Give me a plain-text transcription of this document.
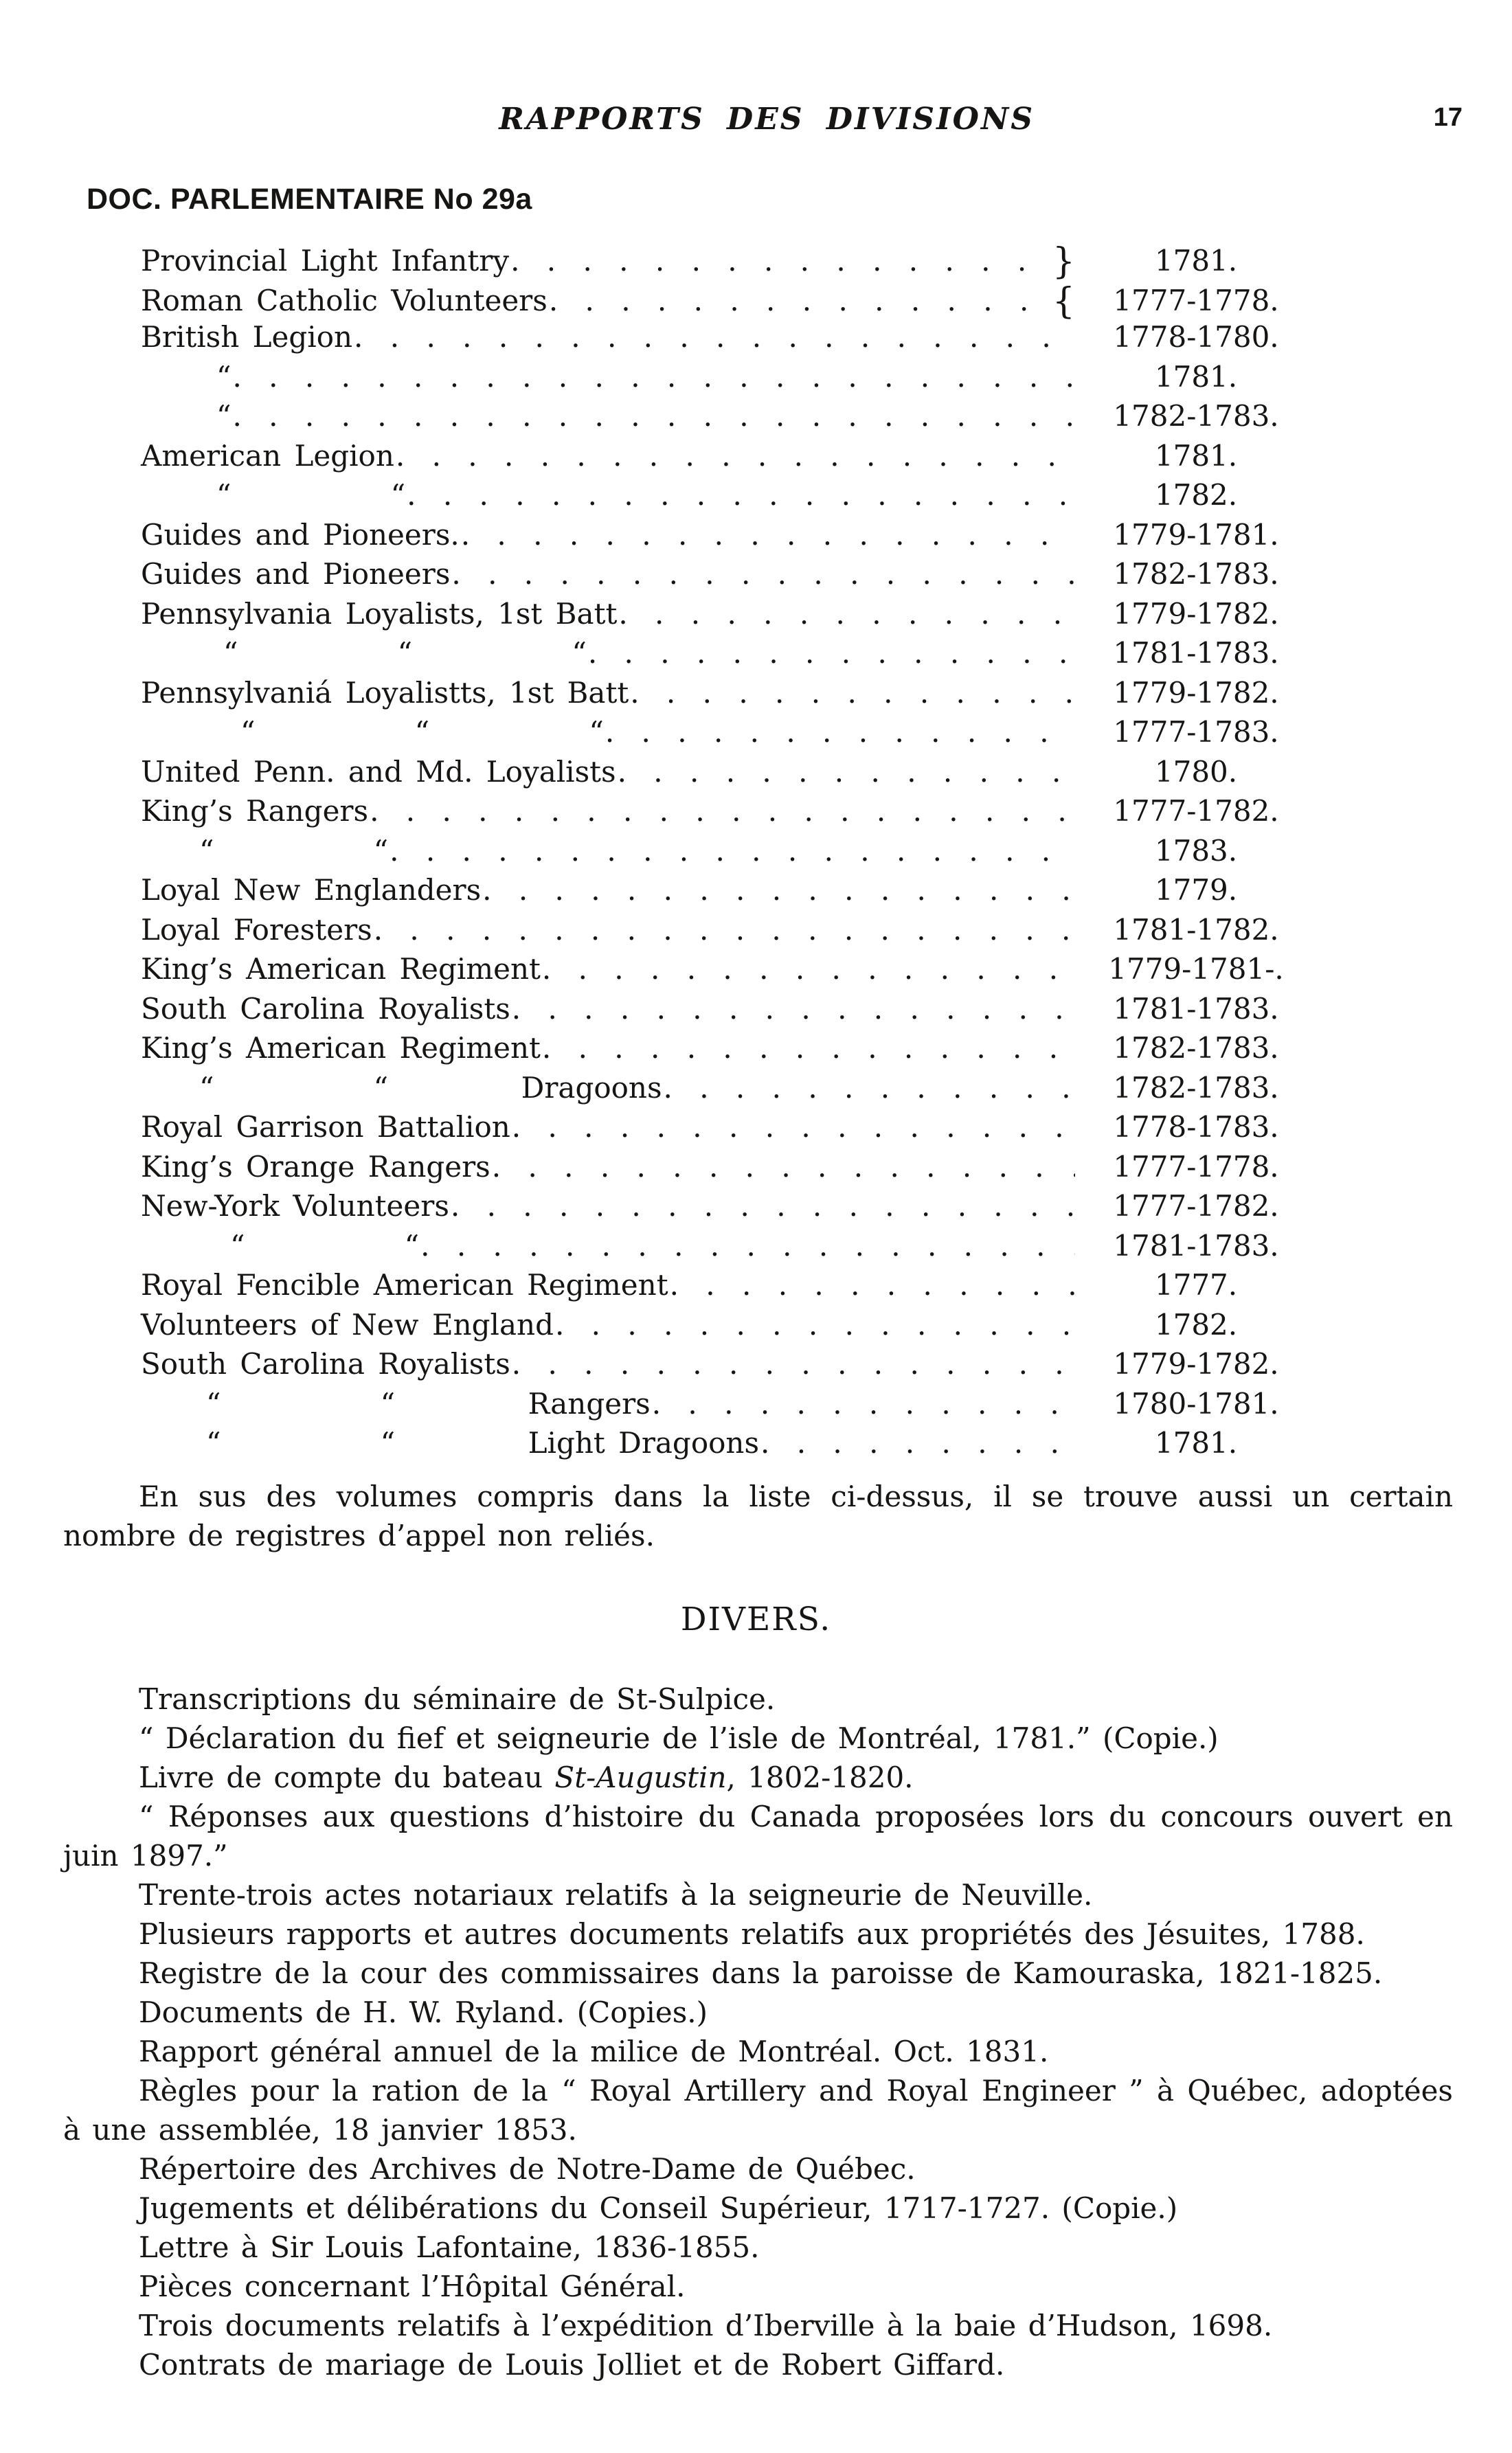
RAPPORTS DES DIVISIONS	17
DOC. PARLEMENTAIRE No 29a
Provincial Light Infantry . . .	}	1781.
Roman Catholic Volunteers . . .	{	1777-1778.
British Legion . . .	1778-1780.
“ . . .	1781.
“ . . .	1782-1783.
American Legion . . .	1781.
“            “ . . .	1782.
Guides and Pioneers. . . .	1779-1781.
Guides and Pioneers . . .	1782-1783.
Pennsylvania Loyalists, 1st Batt . . .	1779-1782.
“            “            “ . . .	1781-1783.
Pennsylvaniá Loyalistts, 1st Batt . . .	1779-1782.
“            “            “ . . .	1777-1783.
United Penn. and Md. Loyalists . . .	1780.
King’s Rangers . . .	1777-1782.
“            “ . . .	1783.
Loyal New Englanders . . .	1779.
Loyal Foresters . . .	1781-1782.
King’s American Regiment . . .	1779-1781-.
South Carolina Royalists . . .	1781-1783.
King’s American Regiment . . .	1782-1783.
“            “          Dragoons . . .	1782-1783.
Royal Garrison Battalion . . .	1778-1783.
King’s Orange Rangers . . .	1777-1778.
New-York Volunteers . . .	1777-1782.
“            “ . . .	1781-1783.
Royal Fencible American Regiment . . .	1777.
Volunteers of New England . . .	1782.
South Carolina Royalists . . .	1779-1782.
“            “          Rangers . . .	1780-1781.
“            “          Light Dragoons . . .	1781.

En sus des volumes compris dans la liste ci-dessus, il se trouve aussi un certain nombre de registres d’appel non reliés.

DIVERS.

Transcriptions du séminaire de St-Sulpice.

“ Déclaration du fief et seigneurie de l’isle de Montréal, 1781.” (Copie.)

Livre de compte du bateau St-Augustin, 1802-1820.

“ Réponses aux questions d’histoire du Canada proposées lors du concours ouvert en juin 1897.”

Trente-trois actes notariaux relatifs à la seigneurie de Neuville.

Plusieurs rapports et autres documents relatifs aux propriétés des Jésuites, 1788.

Registre de la cour des commissaires dans la paroisse de Kamouraska, 1821-1825.

Documents de H. W. Ryland. (Copies.)

Rapport général annuel de la milice de Montréal. Oct. 1831.

Règles pour la ration de la “ Royal Artillery and Royal Engineer ” à Québec, adoptées à une assemblée, 18 janvier 1853.

Répertoire des Archives de Notre-Dame de Québec.

Jugements et délibérations du Conseil Supérieur, 1717-1727. (Copie.)

Lettre à Sir Louis Lafontaine, 1836-1855.

Pièces concernant l’Hôpital Général.

Trois documents relatifs à l’expédition d’Iberville à la baie d’Hudson, 1698.

Contrats de mariage de Louis Jolliet et de Robert Giffard.
